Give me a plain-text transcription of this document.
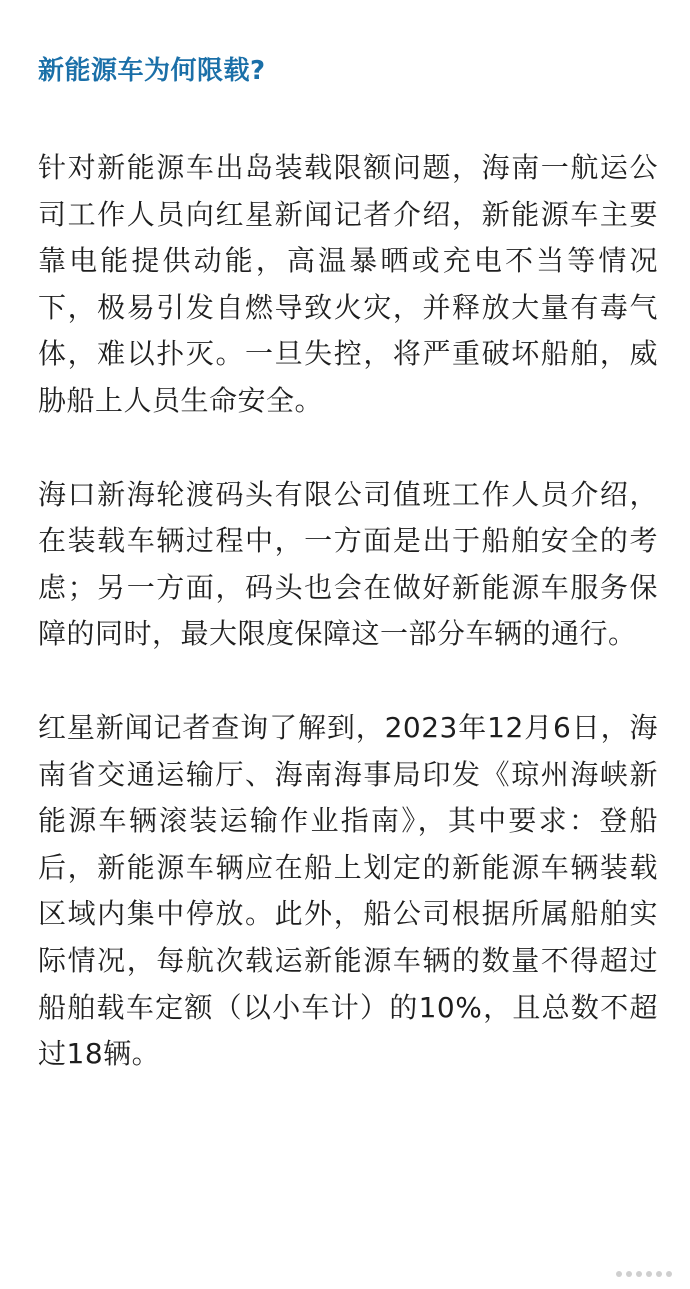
新能源车为何限载?

针对新能源车出岛装载限额问题，海南一航运公司工作人员向红星新闻记者介绍，新能源车主要靠电能提供动能，高温暴晒或充电不当等情况下，极易引发自燃导致火灾，并释放大量有毒气体，难以扑灭。一旦失控，将严重破坏船舶，威胁船上人员生命安全。

海口新海轮渡码头有限公司值班工作人员介绍，在装载车辆过程中，一方面是出于船舶安全的考虑；另一方面，码头也会在做好新能源车服务保障的同时，最大限度保障这一部分车辆的通行。

红星新闻记者查询了解到，2023年12月6日，海南省交通运输厅、海南海事局印发《琼州海峡新能源车辆滚装运输作业指南》，其中要求：登船后，新能源车辆应在船上划定的新能源车辆装载区域内集中停放。此外，船公司根据所属船舶实际情况，每航次载运新能源车辆的数量不得超过船舶载车定额（以小车计）的10%，且总数不超过18辆。
